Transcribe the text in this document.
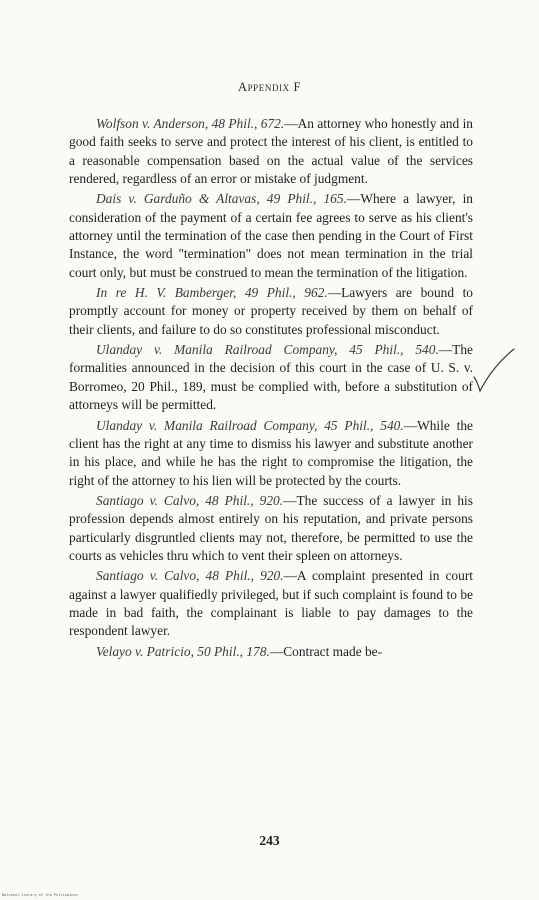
Appendix F

Wolfson v. Anderson, 48 Phil., 672.—An attorney who honestly and in good faith seeks to serve and protect the interest of his client, is entitled to a reasonable compensation based on the actual value of the services rendered, regardless of an error or mistake of judgment.

Dais v. Garduño & Altavas, 49 Phil., 165.—Where a lawyer, in consideration of the payment of a certain fee agrees to serve as his client's attorney until the termination of the case then pending in the Court of First Instance, the word "termination" does not mean termination in the trial court only, but must be construed to mean the termination of the litigation.

In re H. V. Bamberger, 49 Phil., 962.—Lawyers are bound to promptly account for money or property received by them on behalf of their clients, and failure to do so constitutes professional misconduct.

Ulanday v. Manila Railroad Company, 45 Phil., 540.—The formalities announced in the decision of this court in the case of U. S. v. Borromeo, 20 Phil., 189, must be complied with, before a substitution of attorneys will be permitted.

Ulanday v. Manila Railroad Company, 45 Phil., 540.—While the client has the right at any time to dismiss his lawyer and substitute another in his place, and while he has the right to compromise the litigation, the right of the attorney to his lien will be protected by the courts.

Santiago v. Calvo, 48 Phil., 920.—The success of a lawyer in his profession depends almost entirely on his reputation, and private persons particularly disgruntled clients may not, therefore, be permitted to use the courts as vehicles thru which to vent their spleen on attorneys.

Santiago v. Calvo, 48 Phil., 920.—A complaint presented in court against a lawyer qualifiedly privileged, but if such complaint is found to be made in bad faith, the complainant is liable to pay damages to the respondent lawyer.

Velayo v. Patricio, 50 Phil., 178.—Contract made be-

243
National Library of the Philippines
